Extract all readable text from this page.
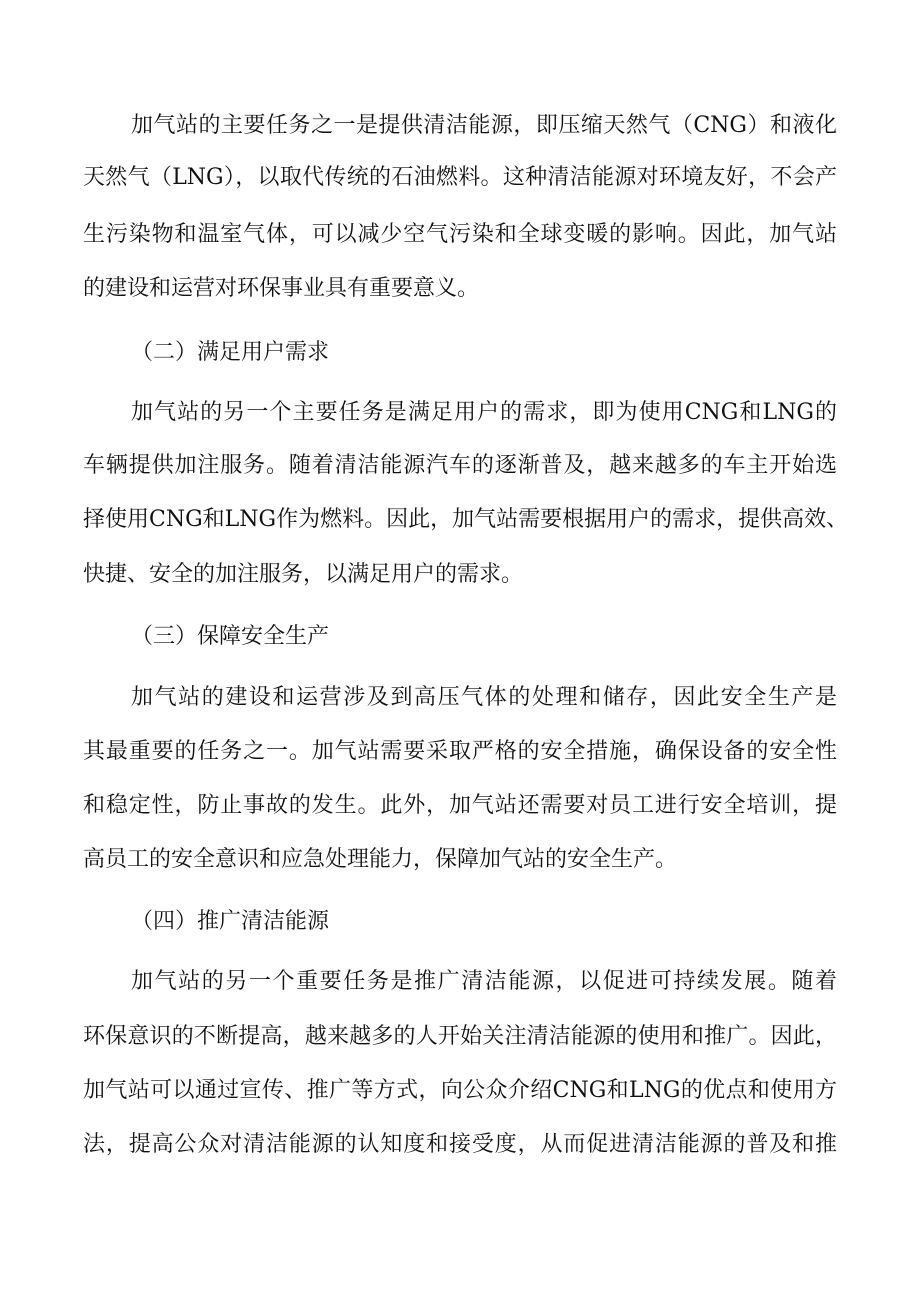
加气站的主要任务之一是提供清洁能源，即压缩天然气（CNG）和液化
天然气（LNG），以取代传统的石油燃料。这种清洁能源对环境友好，不会产
生污染物和温室气体，可以减少空气污染和全球变暖的影响。因此，加气站
的建设和运营对环保事业具有重要意义。
（二）满足用户需求
加气站的另一个主要任务是满足用户的需求，即为使用CNG和LNG的
车辆提供加注服务。随着清洁能源汽车的逐渐普及，越来越多的车主开始选
择使用CNG和LNG作为燃料。因此，加气站需要根据用户的需求，提供高效、
快捷、安全的加注服务，以满足用户的需求。
（三）保障安全生产
加气站的建设和运营涉及到高压气体的处理和储存，因此安全生产是
其最重要的任务之一。加气站需要采取严格的安全措施，确保设备的安全性
和稳定性，防止事故的发生。此外，加气站还需要对员工进行安全培训，提
高员工的安全意识和应急处理能力，保障加气站的安全生产。
（四）推广清洁能源
加气站的另一个重要任务是推广清洁能源，以促进可持续发展。随着
环保意识的不断提高，越来越多的人开始关注清洁能源的使用和推广。因此，
加气站可以通过宣传、推广等方式，向公众介绍CNG和LNG的优点和使用方
法，提高公众对清洁能源的认知度和接受度，从而促进清洁能源的普及和推
